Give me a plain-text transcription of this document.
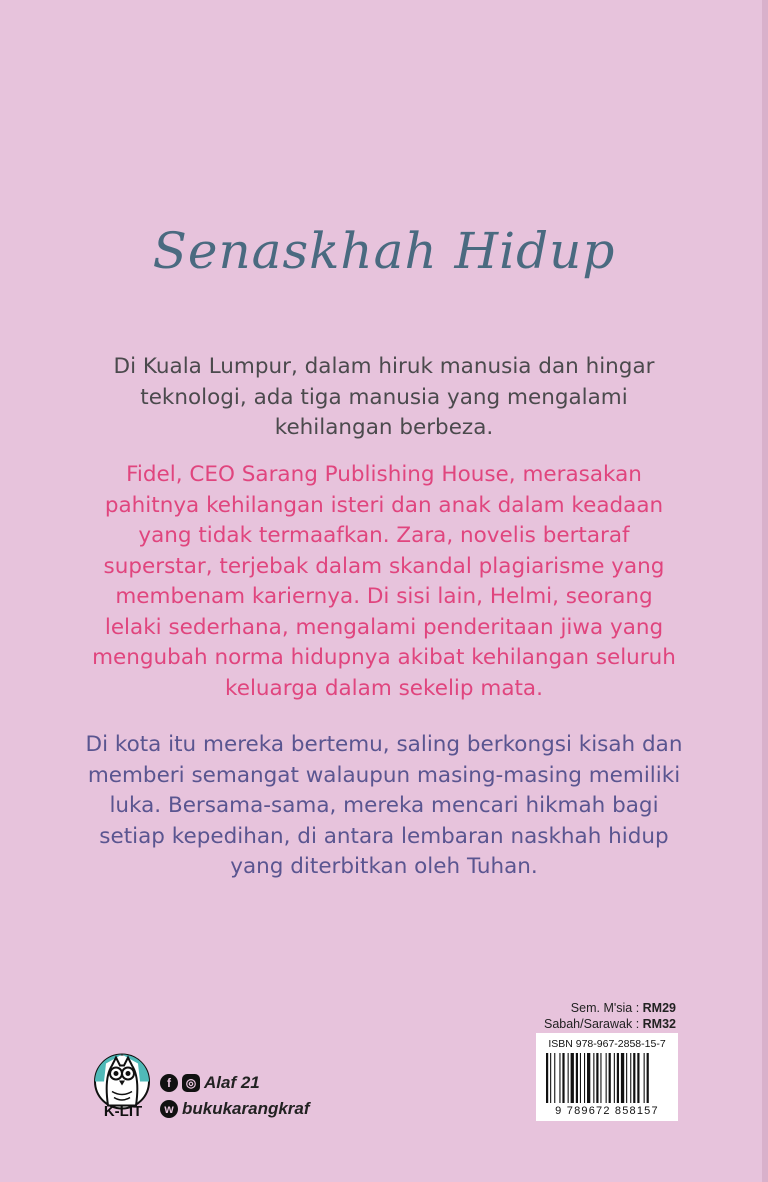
Senaskhah Hidup
Di Kuala Lumpur, dalam hiruk manusia dan hingar
teknologi, ada tiga manusia yang mengalami
kehilangan berbeza.
Fidel, CEO Sarang Publishing House, merasakan
pahitnya kehilangan isteri dan anak dalam keadaan
yang tidak termaafkan. Zara, novelis bertaraf
superstar, terjebak dalam skandal plagiarisme yang
membenam kariernya. Di sisi lain, Helmi, seorang
lelaki sederhana, mengalami penderitaan jiwa yang
mengubah norma hidupnya akibat kehilangan seluruh
keluarga dalam sekelip mata.
Di kota itu mereka bertemu, saling berkongsi kisah dan
memberi semangat walaupun masing-masing memiliki
luka. Bersama-sama, mereka mencari hikmah bagi
setiap kepedihan, di antara lembaran naskhah hidup
yang diterbitkan oleh Tuhan.
Sem. M'sia : RM29
Sabah/Sarawak : RM32
ISBN 978-967-2858-15-7
9 789672 858157
K-LIT
f	◎ Alaf 21
w bukukarangkraf
